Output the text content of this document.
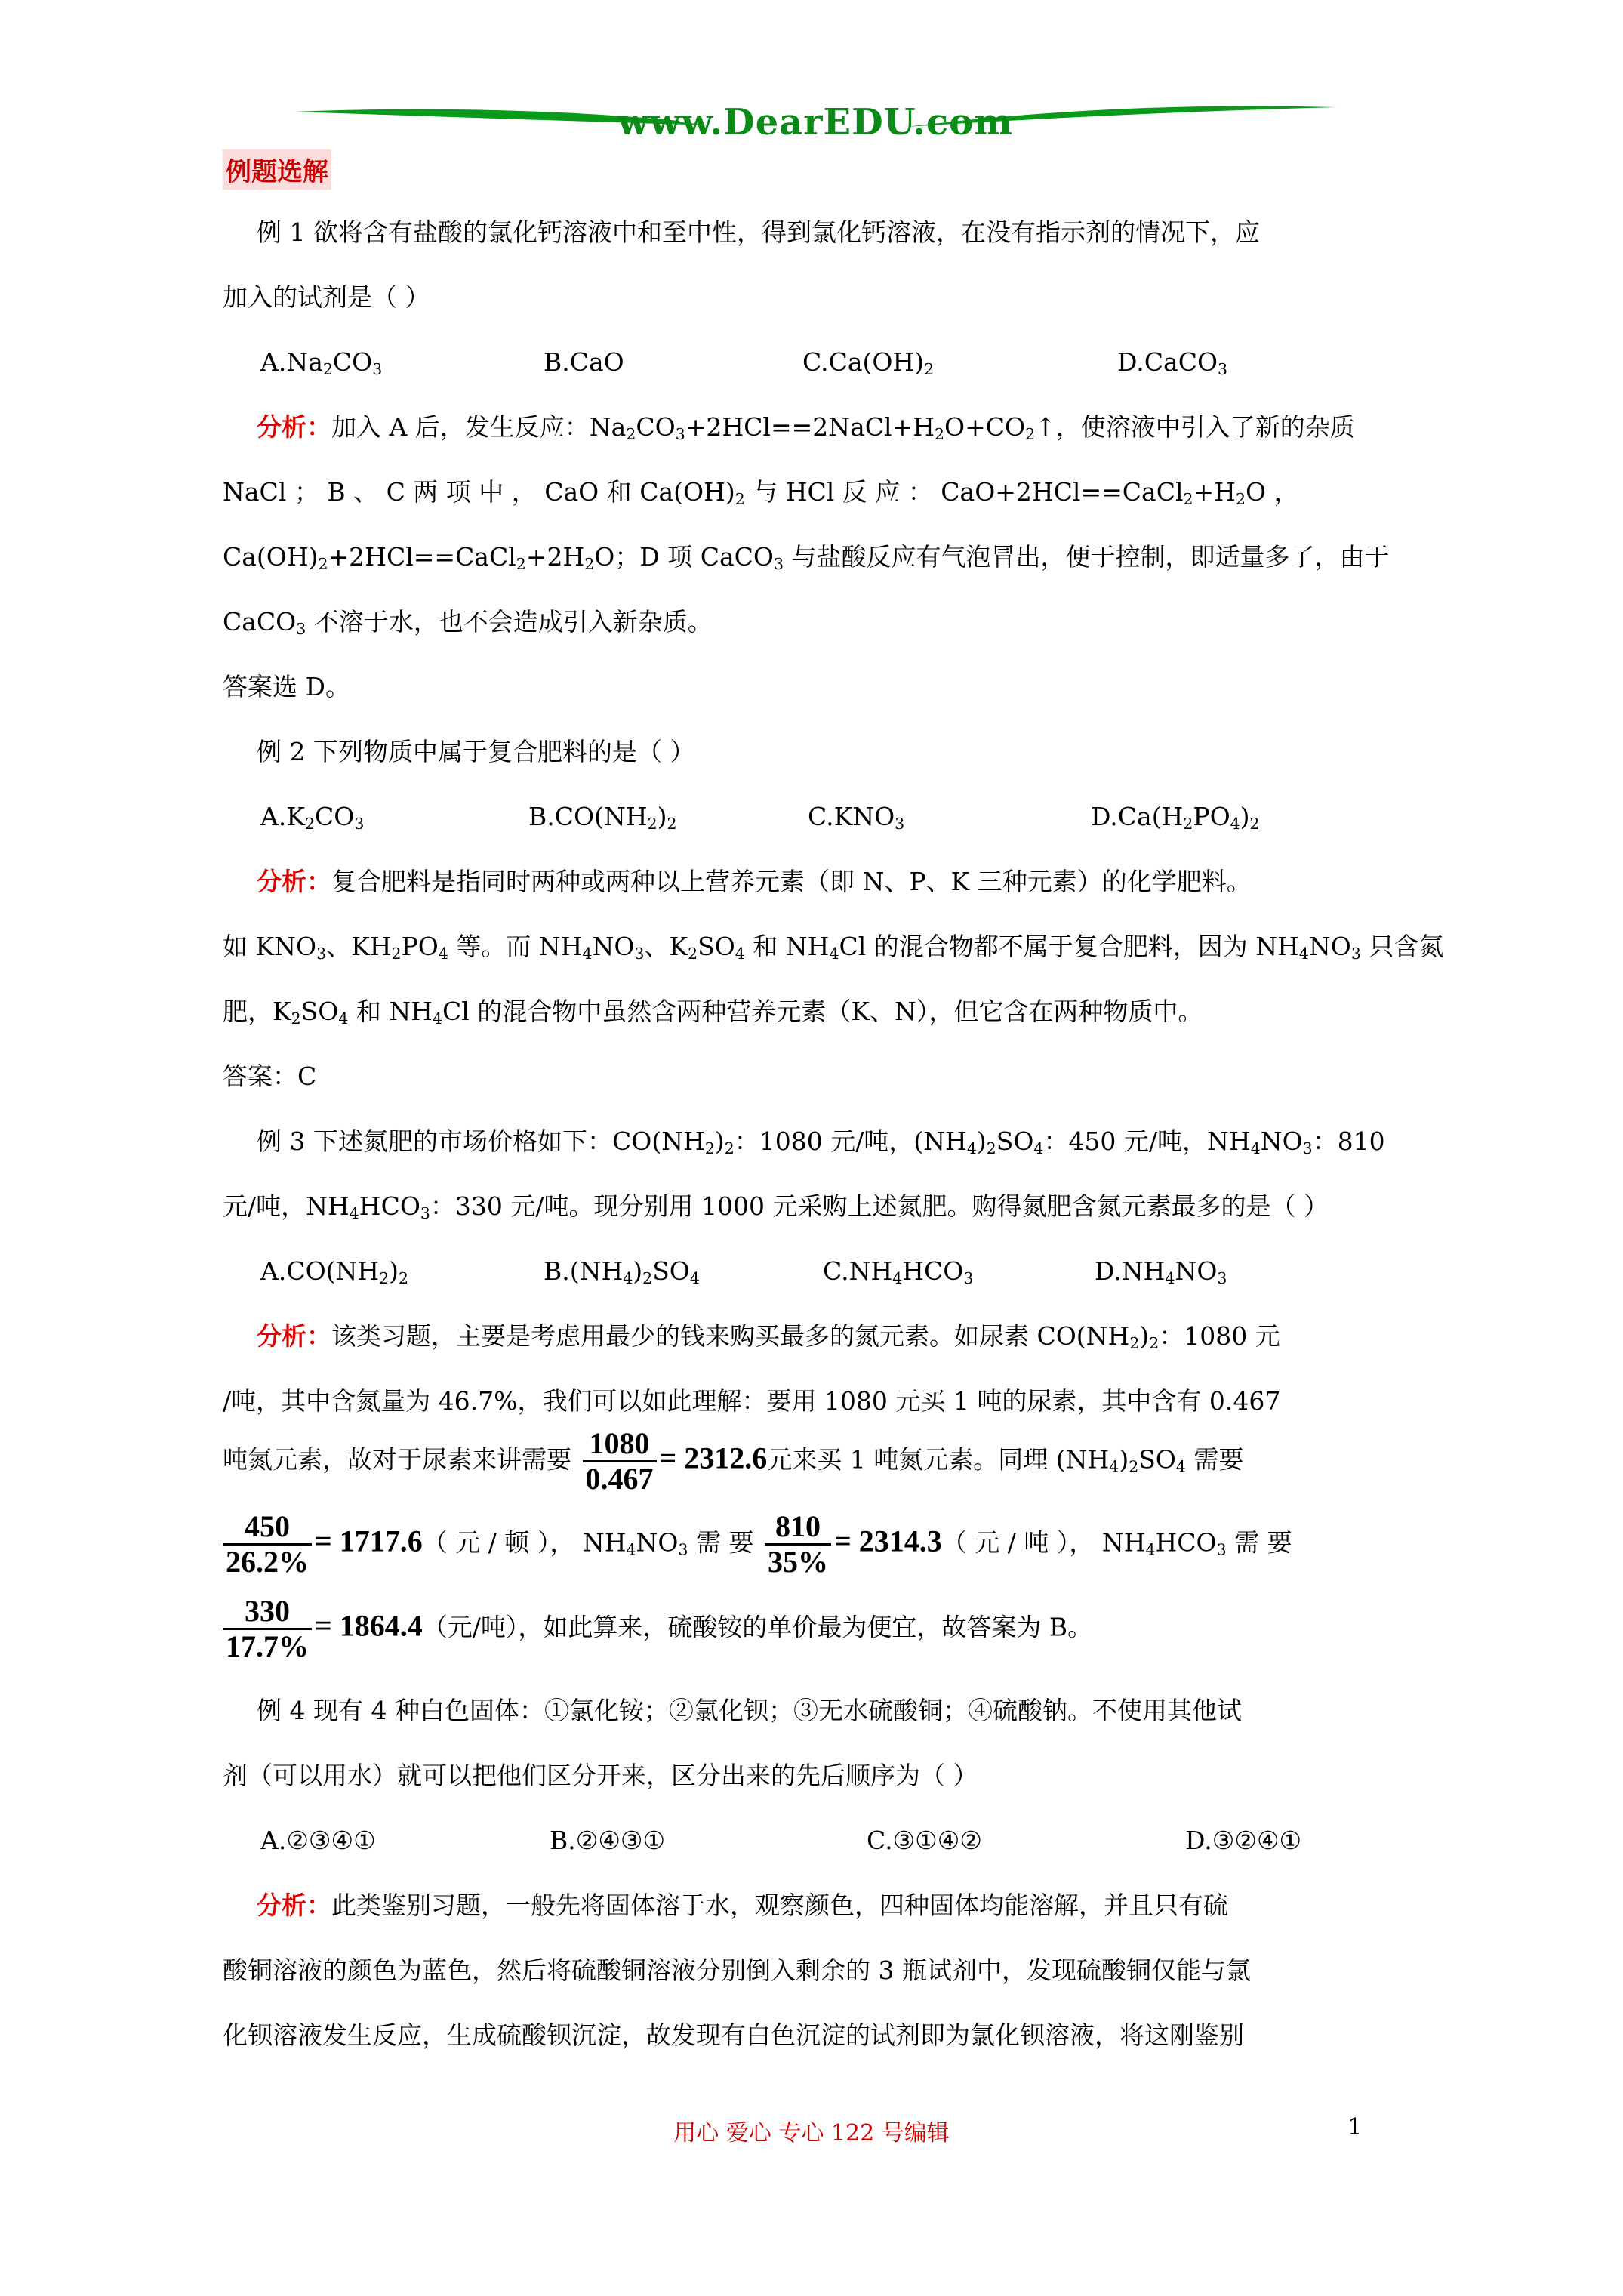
www.DearEDU.com
例题选解
例 1 欲将含有盐酸的氯化钙溶液中和至中性，得到氯化钙溶液，在没有指示剂的情况下，应
加入的试剂是（ ）
$A.Na_2CO_3$	B.CaO	$C.Ca(OH)_2$	D.CaCO$_3$
分析：加入 A 后，发生反应：$Na_2CO_3+2HCl==2NaCl+H_2O+CO_2↑$，使溶液中引入了新的杂质
NaCl ； B 、 C 两 项 中 ， CaO 和 $Ca(OH)_2$ 与 HCl 反 应 ： $CaO+2HCl==CaCl_2+H_2O$ ，
$Ca(OH)_2+2HCl==CaCl_2+2H_2O$；D 项 CaCO$_3$ 与盐酸反应有气泡冒出，便于控制，即适量多了，由于
CaCO$_3$ 不溶于水，也不会造成引入新杂质。
答案选 D。
例 2 下列物质中属于复合肥料的是（ ）
$A.K_2CO_3$	$B.CO(NH_2)_2$	$C.KNO_3$	$D.Ca(H_2PO_4)_2$
分析：复合肥料是指同时两种或两种以上营养元素（即 N、P、K 三种元素）的化学肥料。
如 $KNO_3$、$KH_2PO_4$ 等。而 $NH_4NO_3$、$K_2SO_4$ 和 $NH_4Cl$ 的混合物都不属于复合肥料，因为 $NH_4NO_3$ 只含氮
肥，$K_2SO_4$ 和 $NH_4Cl$ 的混合物中虽然含两种营养元素（K、N），但它含在两种物质中。
答案：C
例 3 下述氮肥的市场价格如下：$CO(NH_2)_2$：1080 元/吨，$(NH_4)_2SO_4$：450 元/吨，$NH_4NO_3$：810
元/吨，$NH_4HCO_3$：330 元/吨。现分别用 1000 元采购上述氮肥。购得氮肥含氮元素最多的是（ ）
$A.CO(NH_2)_2$	$B.(NH_4)_2SO_4$	$C.NH_4HCO_3$	$D.NH_4NO_3$
分析：该类习题，主要是考虑用最少的钱来购买最多的氮元素。如尿素 $CO(NH_2)_2$：1080 元
/吨，其中含氮量为 46.7%，我们可以如此理解：要用 1080 元买 1 吨的尿素，其中含有 0.467
吨氮元素，故对于尿素来讲需要 $\frac{1080}{0.467} = 2312.6$元来买 1 吨氮元素。同理 $(NH_4)_2SO_4$ 需要
$\frac{450}{26.2\%} = 1717.6$（ 元 / 顿 ）， $NH_4NO_3$ 需 要 $\frac{810}{35\%} = 2314.3$（ 元 / 吨 ）， $NH_4HCO_3$ 需 要
$\frac{330}{17.7\%} = 1864.4$（元/吨），如此算来，硫酸铵的单价最为便宜，故答案为 B。
例 4 现有 4 种白色固体：①氯化铵；②氯化钡；③无水硫酸铜；④硫酸钠。不使用其他试
剂（可以用水）就可以把他们区分开来，区分出来的先后顺序为（ ）
A.②③④①	B.②④③①	C.③①④②	D.③②④①
分析：此类鉴别习题，一般先将固体溶于水，观察颜色，四种固体均能溶解，并且只有硫
酸铜溶液的颜色为蓝色，然后将硫酸铜溶液分别倒入剩余的 3 瓶试剂中，发现硫酸铜仅能与氯
化钡溶液发生反应，生成硫酸钡沉淀，故发现有白色沉淀的试剂即为氯化钡溶液，将这刚鉴别
用心 爱心 专心 122 号编辑	1
